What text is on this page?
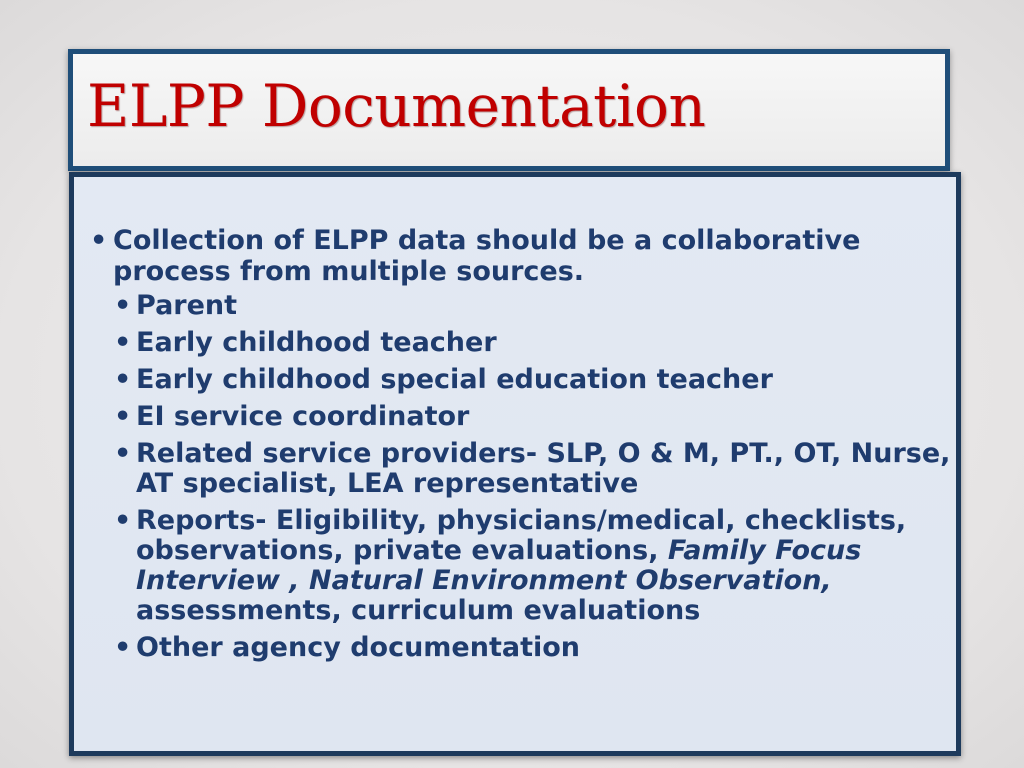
ELPP Documentation
• Collection of ELPP data should be a collaborative process from multiple sources.
• Parent
• Early childhood teacher
• Early childhood special education teacher
• EI service coordinator
• Related service providers- SLP, O & M, PT., OT, Nurse, AT specialist, LEA representative
• Reports- Eligibility, physicians/medical, checklists, observations, private evaluations, Family Focus Interview , Natural Environment Observation, assessments, curriculum evaluations
• Other agency documentation
